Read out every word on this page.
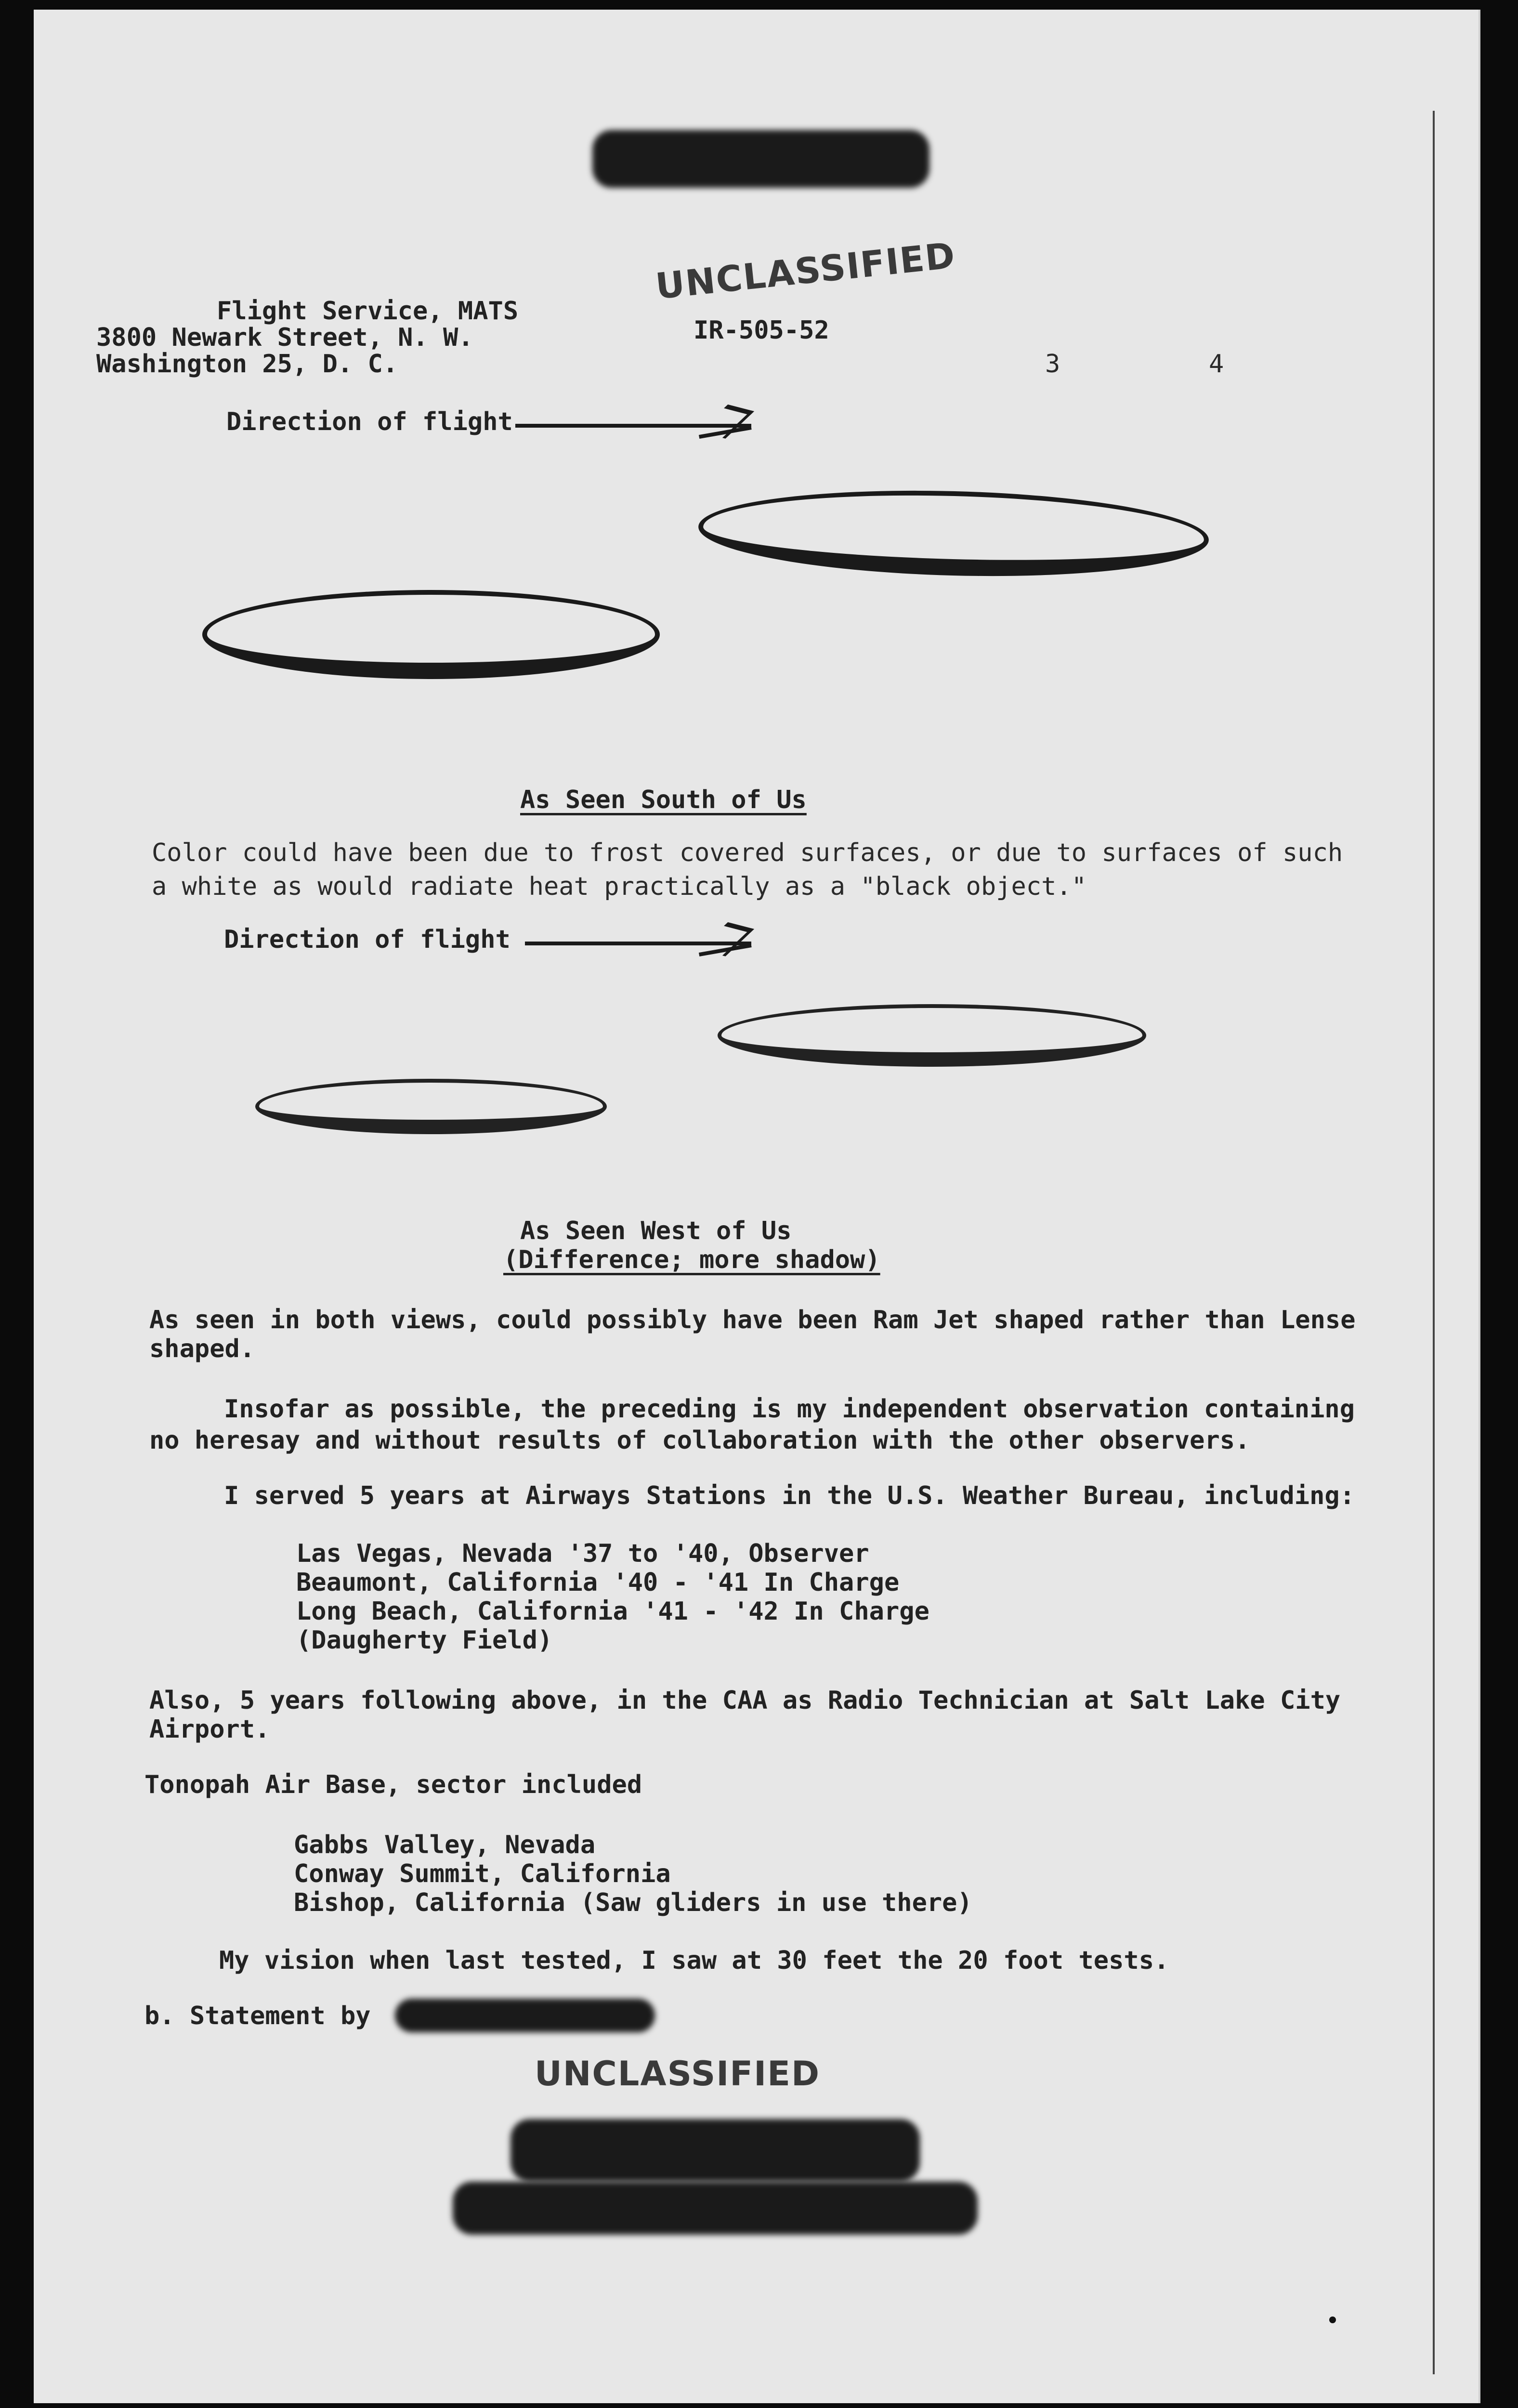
UNCLASSIFIED
Flight Service, MATS
3800 Newark Street, N. W.
Washington 25, D. C.
IR-505-52
3	4
Direction of flight
As Seen South of Us
Color could have been due to frost covered surfaces, or due to surfaces of such
a white as would radiate heat practically as a "black object."
Direction of flight
As Seen West of Us
(Difference; more shadow)
As seen in both views, could possibly have been Ram Jet shaped rather than Lense
shaped.
Insofar as possible, the preceding is my independent observation containing
no heresay and without results of collaboration with the other observers.
I served 5 years at Airways Stations in the U.S. Weather Bureau, including:
Las Vegas, Nevada '37 to '40, Observer
Beaumont, California '40 - '41 In Charge
Long Beach, California '41 - '42 In Charge
(Daugherty Field)
Also, 5 years following above, in the CAA as Radio Technician at Salt Lake City
Airport.
Tonopah Air Base, sector included
Gabbs Valley, Nevada
Conway Summit, California
Bishop, California (Saw gliders in use there)
My vision when last tested, I saw at 30 feet the 20 foot tests.
b. Statement by
UNCLASSIFIED
